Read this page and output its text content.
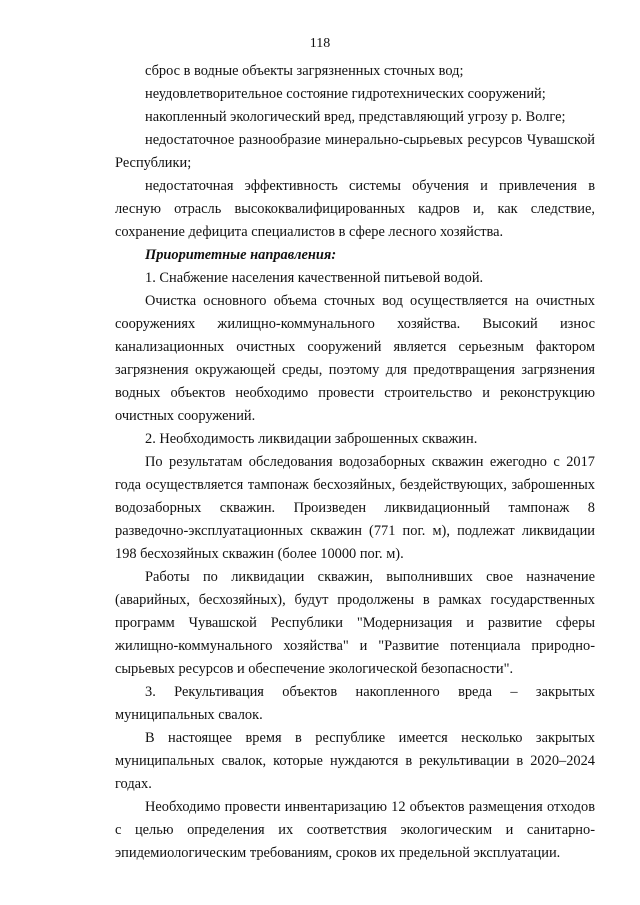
118

сброс в водные объекты загрязненных сточных вод;

неудовлетворительное состояние гидротехнических сооружений;

накопленный экологический вред, представляющий угрозу р. Волге;

недостаточное разнообразие минерально-сырьевых ресурсов Чувашской Республики;

недостаточная эффективность системы обучения и привлечения в лесную отрасль высококвалифицированных кадров и, как следствие, сохранение дефицита специалистов в сфере лесного хозяйства.

Приоритетные направления:

1. Снабжение населения качественной питьевой водой.

Очистка основного объема сточных вод осуществляется на очистных сооружениях жилищно-коммунального хозяйства. Высокий износ канализационных очистных сооружений является серьезным фактором загрязнения окружающей среды, поэтому для предотвращения загрязнения водных объектов необходимо провести строительство и реконструкцию очистных сооружений.

2. Необходимость ликвидации заброшенных скважин.

По результатам обследования водозаборных скважин ежегодно с 2017 года осуществляется тампонаж бесхозяйных, бездействующих, заброшенных водозаборных скважин. Произведен ликвидационный тампонаж 8 разведочно-эксплуатационных скважин (771 пог. м), подлежат ликвидации 198 бесхозяйных скважин (более 10000 пог. м).

Работы по ликвидации скважин, выполнивших свое назначение (аварийных, бесхозяйных), будут продолжены в рамках государственных программ Чувашской Республики "Модернизация и развитие сферы жилищно-коммунального хозяйства" и "Развитие потенциала природно-сырьевых ресурсов и обеспечение экологической безопасности".

3. Рекультивация объектов накопленного вреда – закрытых муниципальных свалок.

В настоящее время в республике имеется несколько закрытых муниципальных свалок, которые нуждаются в рекультивации в 2020–2024 годах.

Необходимо провести инвентаризацию 12 объектов размещения отходов с целью определения их соответствия экологическим и санитарно-эпидемиологическим требованиям, сроков их предельной эксплуатации.
